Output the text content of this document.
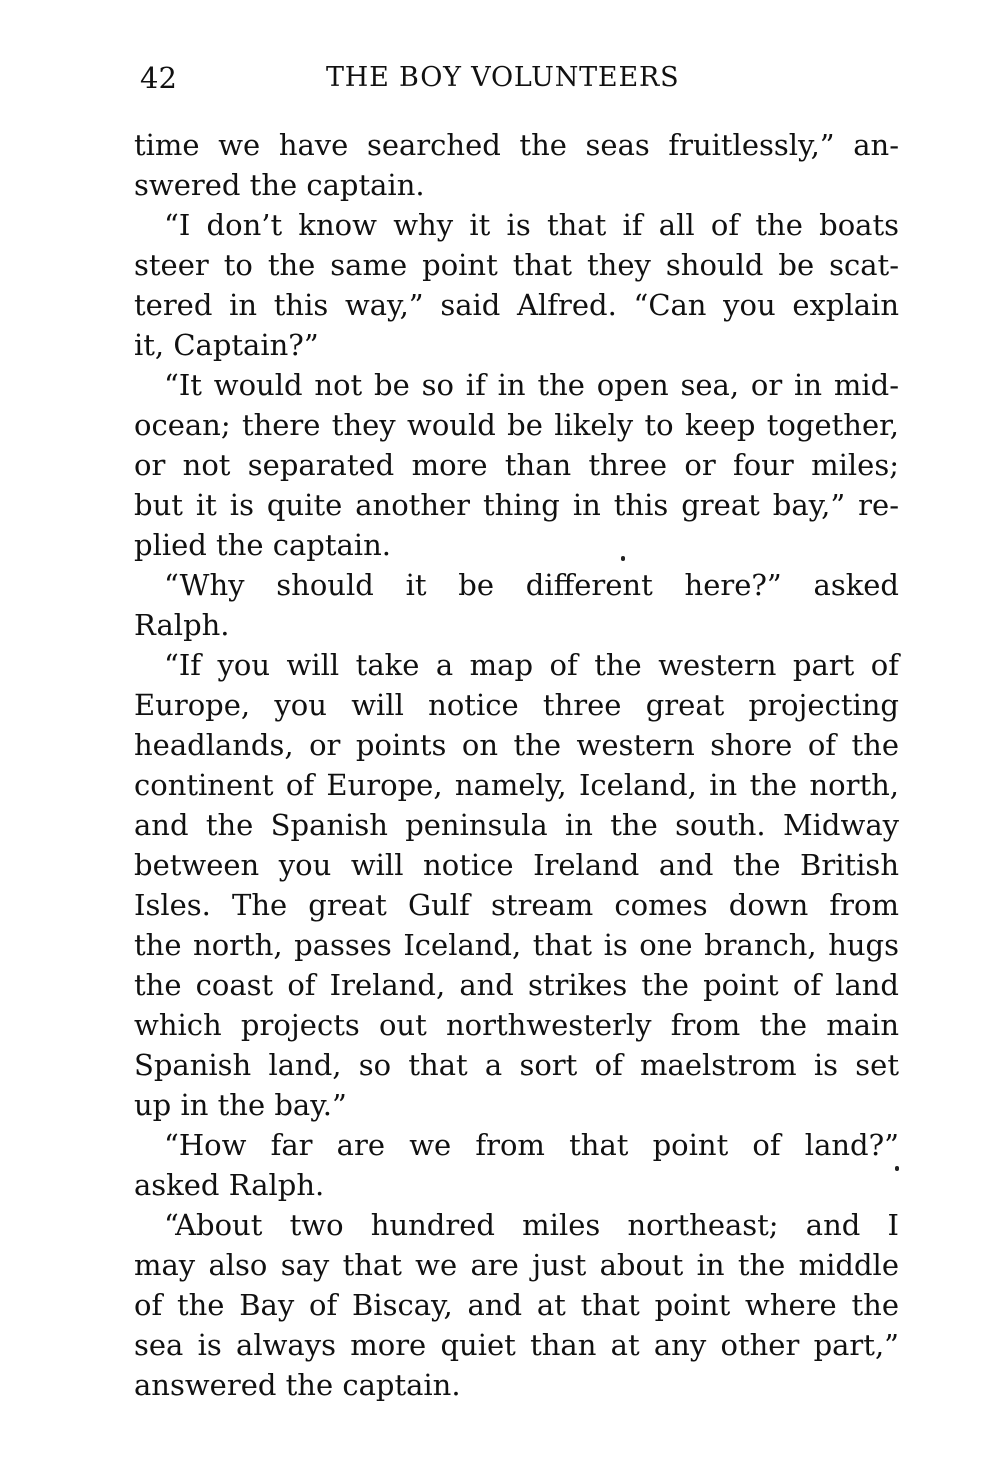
42	THE BOY VOLUNTEERS
time we have searched the seas fruitlessly,” an-
swered the captain.
“I don’t know why it is that if all of the boats
steer to the same point that they should be scat-
tered in this way,” said Alfred. “Can you explain
it, Captain?”
“It would not be so if in the open sea, or in mid-
ocean; there they would be likely to keep together,
or not separated more than three or four miles;
but it is quite another thing in this great bay,” re-
plied the captain.
“Why should it be different here?” asked
Ralph.
“If you will take a map of the western part of
Europe, you will notice three great projecting
headlands, or points on the western shore of the
continent of Europe, namely, Iceland, in the north,
and the Spanish peninsula in the south. Midway
between you will notice Ireland and the British
Isles. The great Gulf stream comes down from
the north, passes Iceland, that is one branch, hugs
the coast of Ireland, and strikes the point of land
which projects out northwesterly from the main
Spanish land, so that a sort of maelstrom is set
up in the bay.”
“How far are we from that point of land?”
asked Ralph.
“About two hundred miles northeast; and I
may also say that we are just about in the middle
of the Bay of Biscay, and at that point where the
sea is always more quiet than at any other part,”
answered the captain.
